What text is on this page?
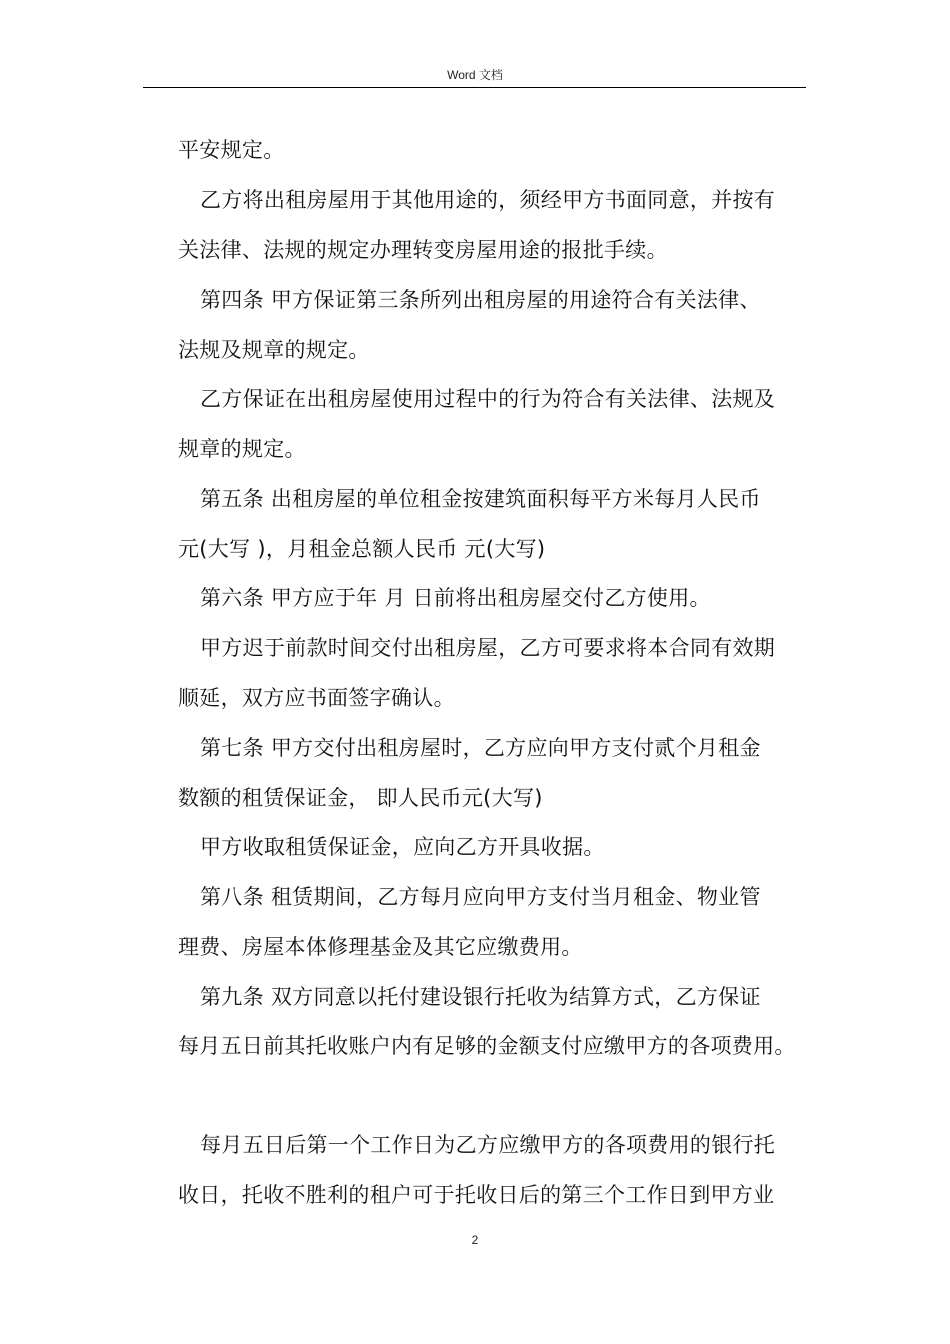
Word 文档
平安规定。
乙方将出租房屋用于其他用途的，须经甲方书面同意，并按有
关法律、法规的规定办理转变房屋用途的报批手续。
第四条 甲方保证第三条所列出租房屋的用途符合有关法律、
法规及规章的规定。
乙方保证在出租房屋使用过程中的行为符合有关法律、法规及
规章的规定。
第五条 出租房屋的单位租金按建筑面积每平方米每月人民币
元(大写 )，月租金总额人民币 元(大写)
第六条 甲方应于年 月 日前将出租房屋交付乙方使用。
甲方迟于前款时间交付出租房屋，乙方可要求将本合同有效期
顺延，双方应书面签字确认。
第七条 甲方交付出租房屋时，乙方应向甲方支付贰个月租金
数额的租赁保证金， 即人民币元(大写)
甲方收取租赁保证金，应向乙方开具收据。
第八条 租赁期间，乙方每月应向甲方支付当月租金、物业管
理费、房屋本体修理基金及其它应缴费用。
第九条 双方同意以托付建设银行托收为结算方式，乙方保证
每月五日前其托收账户内有足够的金额支付应缴甲方的各项费用。
每月五日后第一个工作日为乙方应缴甲方的各项费用的银行托
收日，托收不胜利的租户可于托收日后的第三个工作日到甲方业
2
